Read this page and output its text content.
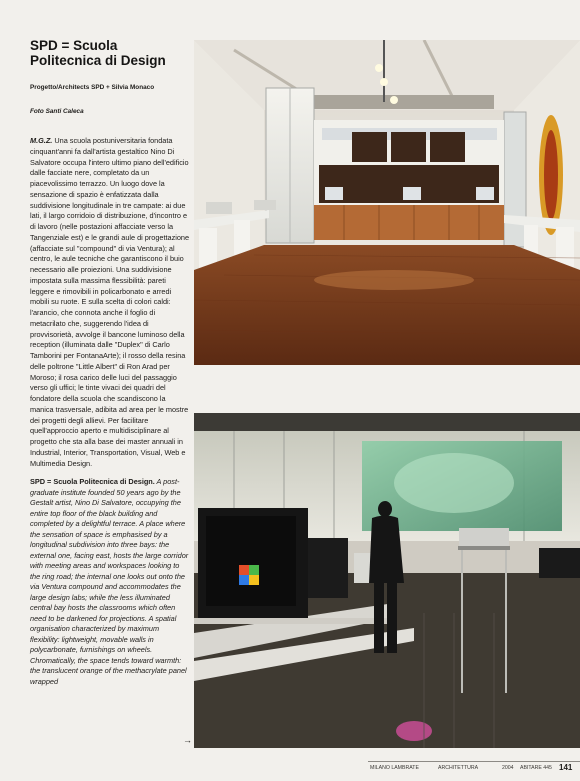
SPD = Scuola
Politecnica di Design

Progetto/Architects SPD + Silvia Monaco

Foto Santi Caleca

M.G.Z. Una scuola postuniversitaria fondata cinquant'anni fa dall'artista gestaltico Nino Di Salvatore occupa l'intero ultimo piano dell'edificio dalle facciate nere, completato da un piacevolissimo terrazzo. Un luogo dove la sensazione di spazio è enfatizzata dalla suddivisione longitudinale in tre campate: ai due lati, il largo corridoio di distribuzione, d'incontro e di lavoro (nelle postazioni affacciate verso la Tangenziale est) e le grandi aule di progettazione (affacciate sul "compound" di via Ventura); al centro, le aule tecniche che garantiscono il buio necessario alle proiezioni. Una suddivisione impostata sulla massima flessibilità: pareti leggere e rimovibili in policarbonato e arredi mobili su ruote. E sulla scelta di colori caldi: l'arancio, che connota anche il foglio di metacrilato che, suggerendo l'idea di provvisorietà, avvolge il bancone luminoso della reception (illuminata dalle "Duplex" di Carlo Tamborini per FontanaArte); il rosso della resina delle poltrone "Little Albert" di Ron Arad per Moroso; il rosa carico delle luci del passaggio verso gli uffici; le tinte vivaci dei quadri del fondatore della scuola che scandiscono la manica trasversale, adibita ad area per le mostre dei progetti degli allievi. Per facilitare quell'approccio aperto e multidisciplinare al progetto che sta alla base dei master annuali in Industrial, Interior, Transportation, Visual, Web e Multimedia Design.

SPD = Scuola Politecnica di Design. A post-graduate institute founded 50 years ago by the Gestalt artist, Nino Di Salvatore, occupying the entire top floor of the black building and completed by a delightful terrace. A place where the sensation of space is emphasised by a longitudinal subdivision into three bays: the external one, facing east, hosts the large corridor with meeting areas and workspaces looking to the ring road; the internal one looks out onto the via Ventura compound and accommodates the large design labs; while the less illuminated central bay hosts the classrooms which often need to be darkened for projections. A spatial organisation characterized by maximum flexibility: lightweight, movable walls in polycarbonate, furnishings on wheels. Chromatically, the space tends toward warmth: the translucent orange of the methacrylate panel wrapped

→
MILANO LAMBRATE	ARCHITETTURA	2004 ABITARE 445 141
